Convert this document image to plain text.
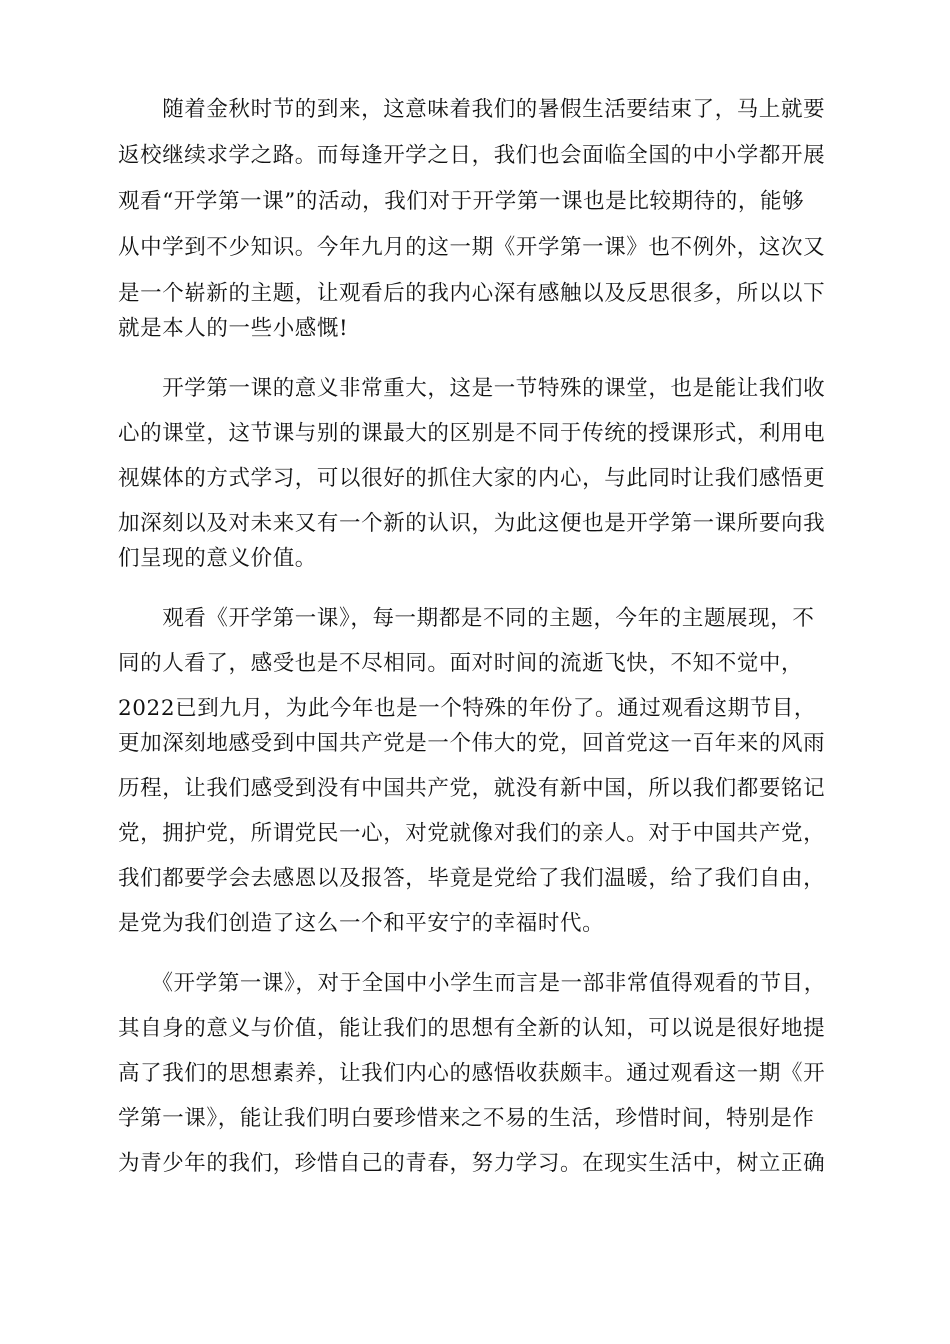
　　随着金秋时节的到来，这意味着我们的暑假生活要结束了，马上就要
返校继续求学之路。而每逢开学之日，我们也会面临全国的中小学都开展
观看“开学第一课”的活动，我们对于开学第一课也是比较期待的，能够
从中学到不少知识。今年九月的这一期《开学第一课》也不例外，这次又
是一个崭新的主题，让观看后的我内心深有感触以及反思很多，所以以下
就是本人的一些小感慨!
　　开学第一课的意义非常重大，这是一节特殊的课堂，也是能让我们收
心的课堂，这节课与别的课最大的区别是不同于传统的授课形式，利用电
视媒体的方式学习，可以很好的抓住大家的内心，与此同时让我们感悟更
加深刻以及对未来又有一个新的认识，为此这便也是开学第一课所要向我
们呈现的意义价值。
　　观看《开学第一课》，每一期都是不同的主题，今年的主题展现，不
同的人看了，感受也是不尽相同。面对时间的流逝飞快，不知不觉中，
2022已到九月，为此今年也是一个特殊的年份了。通过观看这期节目，
更加深刻地感受到中国共产党是一个伟大的党，回首党这一百年来的风雨
历程，让我们感受到没有中国共产党，就没有新中国，所以我们都要铭记
党，拥护党，所谓党民一心，对党就像对我们的亲人。对于中国共产党，
我们都要学会去感恩以及报答，毕竟是党给了我们温暖，给了我们自由，
是党为我们创造了这么一个和平安宁的幸福时代。
　　《开学第一课》，对于全国中小学生而言是一部非常值得观看的节目，
其自身的意义与价值，能让我们的思想有全新的认知，可以说是很好地提
高了我们的思想素养，让我们内心的感悟收获颇丰。通过观看这一期《开
学第一课》，能让我们明白要珍惜来之不易的生活，珍惜时间，特别是作
为青少年的我们，珍惜自己的青春，努力学习。在现实生活中，树立正确
